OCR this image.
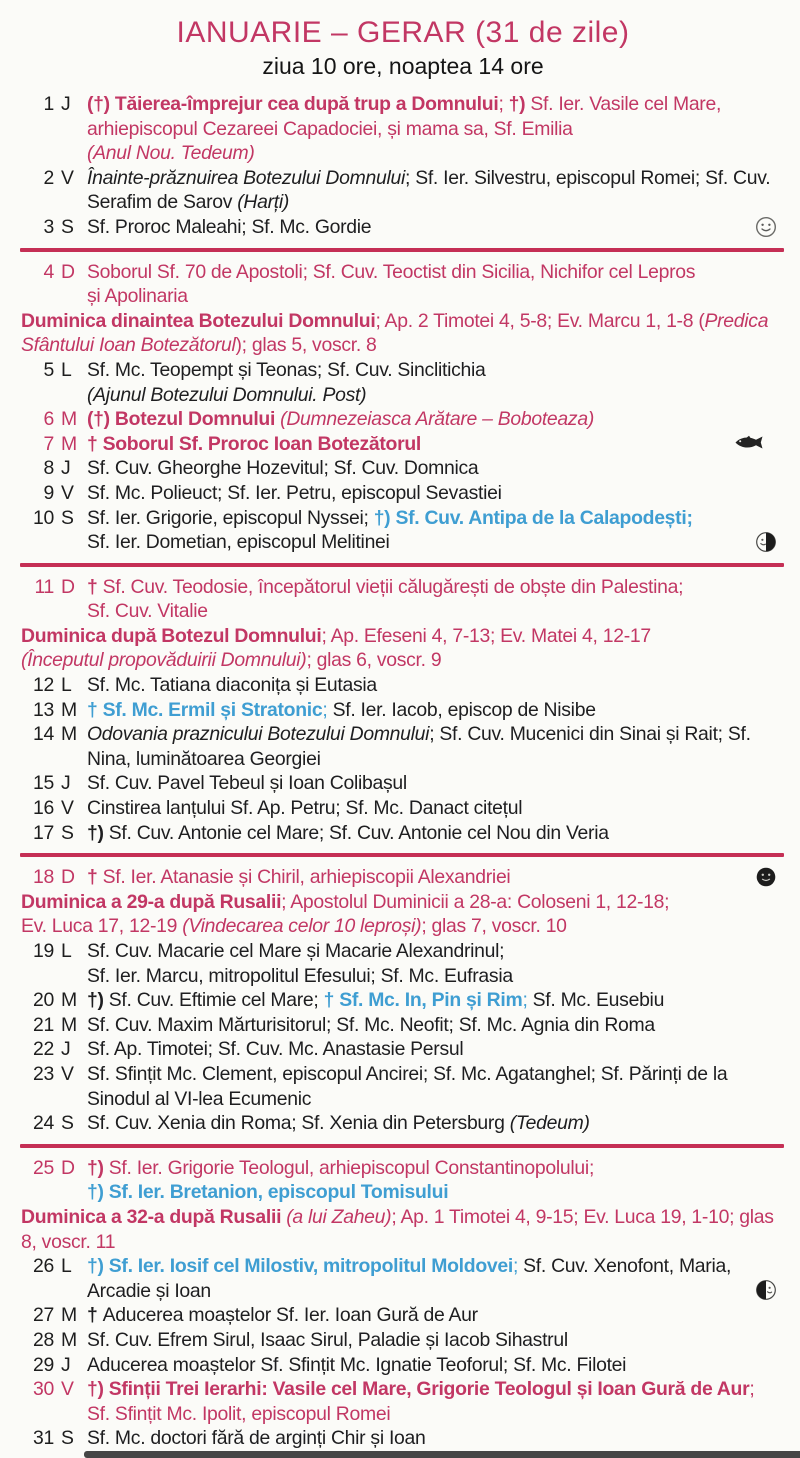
IANUARIE – GERAR (31 de zile)
ziua 10 ore, noaptea 14 ore
1 J (†) Tăierea-împrejur cea după trup a Domnului; †) Sf. Ier. Vasile cel Mare, arhiepiscopul Cezareei Capadociei, și mama sa, Sf. Emilia
(Anul Nou. Tedeum)
2 V Înainte-prăznuirea Botezului Domnului; Sf. Ier. Silvestru, episcopul Romei; Sf. Cuv. Serafim de Sarov (Harți)
3 S Sf. Proroc Maleahi; Sf. Mc. Gordie
4 D Soborul Sf. 70 de Apostoli; Sf. Cuv. Teoctist din Sicilia, Nichifor cel Lepros
și Apolinaria
Duminica dinaintea Botezului Domnului; Ap. 2 Timotei 4, 5-8; Ev. Marcu 1, 1-8 (Predica Sfântului Ioan Botezătorul); glas 5, voscr. 8
5 L Sf. Mc. Teopempt și Teonas; Sf. Cuv. Sinclitichia
(Ajunul Botezului Domnului. Post)
6 M (†) Botezul Domnului (Dumnezeiasca Arătare – Boboteaza)
7 M † Soborul Sf. Proroc Ioan Botezătorul
8 J Sf. Cuv. Gheorghe Hozevitul; Sf. Cuv. Domnica
9 V Sf. Mc. Polieuct; Sf. Ier. Petru, episcopul Sevastiei
10 S Sf. Ier. Grigorie, episcopul Nyssei; †) Sf. Cuv. Antipa de la Calapodești;
Sf. Ier. Dometian, episcopul Melitinei
11 D † Sf. Cuv. Teodosie, începătorul vieții călugărești de obște din Palestina;
Sf. Cuv. Vitalie
Duminica după Botezul Domnului; Ap. Efeseni 4, 7-13; Ev. Matei 4, 12-17
(Începutul propovăduirii Domnului); glas 6, voscr. 9
12 L Sf. Mc. Tatiana diaconița și Eutasia
13 M † Sf. Mc. Ermil și Stratonic; Sf. Ier. Iacob, episcop de Nisibe
14 M Odovania praznicului Botezului Domnului; Sf. Cuv. Mucenici din Sinai și Rait; Sf. Nina, luminătoarea Georgiei
15 J Sf. Cuv. Pavel Tebeul și Ioan Colibașul
16 V Cinstirea lanțului Sf. Ap. Petru; Sf. Mc. Danact citețul
17 S †) Sf. Cuv. Antonie cel Mare; Sf. Cuv. Antonie cel Nou din Veria
18 D † Sf. Ier. Atanasie și Chiril, arhiepiscopii Alexandriei
Duminica a 29-a după Rusalii; Apostolul Duminicii a 28-a: Coloseni 1, 12-18;
Ev. Luca 17, 12-19 (Vindecarea celor 10 leproși); glas 7, voscr. 10
19 L Sf. Cuv. Macarie cel Mare și Macarie Alexandrinul;
Sf. Ier. Marcu, mitropolitul Efesului; Sf. Mc. Eufrasia
20 M †) Sf. Cuv. Eftimie cel Mare; † Sf. Mc. In, Pin și Rim; Sf. Mc. Eusebiu
21 M Sf. Cuv. Maxim Mărturisitorul; Sf. Mc. Neofit; Sf. Mc. Agnia din Roma
22 J Sf. Ap. Timotei; Sf. Cuv. Mc. Anastasie Persul
23 V Sf. Sfințit Mc. Clement, episcopul Ancirei; Sf. Mc. Agatanghel; Sf. Părinți de la Sinodul al VI-lea Ecumenic
24 S Sf. Cuv. Xenia din Roma; Sf. Xenia din Petersburg (Tedeum)
25 D †) Sf. Ier. Grigorie Teologul, arhiepiscopul Constantinopolului;
†) Sf. Ier. Bretanion, episcopul Tomisului
Duminica a 32-a după Rusalii (a lui Zaheu); Ap. 1 Timotei 4, 9-15; Ev. Luca 19, 1-10; glas 8, voscr. 11
26 L †) Sf. Ier. Iosif cel Milostiv, mitropolitul Moldovei; Sf. Cuv. Xenofont, Maria, Arcadie și Ioan
27 M † Aducerea moaștelor Sf. Ier. Ioan Gură de Aur
28 M Sf. Cuv. Efrem Sirul, Isaac Sirul, Paladie și Iacob Sihastrul
29 J Aducerea moaștelor Sf. Sfințit Mc. Ignatie Teoforul; Sf. Mc. Filotei
30 V †) Sfinții Trei Ierarhi: Vasile cel Mare, Grigorie Teologul și Ioan Gură de Aur; Sf. Sfințit Mc. Ipolit, episcopul Romei
31 S Sf. Mc. doctori fără de arginți Chir și Ioan
